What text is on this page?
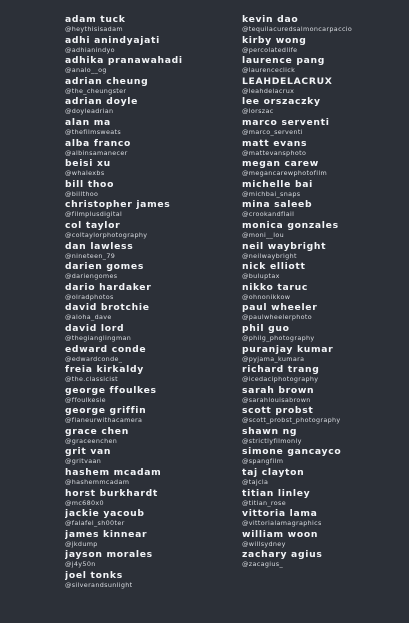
adam tuck
@heythisisadam
adhi anindyajati
@adhianindyo
adhika pranawahadi
@analo__og
adrian cheung
@the_cheungster
adrian doyle
@doyleadrian
alan ma
@thefilmsweats
alba franco
@albinsamanecer
beisi xu
@whalexbs
bill thoo
@billthoo
christopher james
@filmplusdigital
col taylor
@coltaylorphotography
dan lawless
@nineteen_79
darien gomes
@dariengomes
dario hardaker
@olradphotos
david brotchie
@aloha_dave
david lord
@thegianglingman
edward conde
@edwardconde_
freia kirkaldy
@the.classicist
george ffoulkes
@ffoulkesie
george griffin
@flaneurwithacamera
grace chen
@graceenchen
grit van
@gritvaan
hashem mcadam
@hashemmcadam
horst burkhardt
@mc680x0
jackie yacoub
@falafel_sh00ter
james kinnear
@jkdump
jayson morales
@j4y50n
joel tonks
@silverandsunlight
kevin dao
@tequilacuredsalmoncarpaccio
kirby wong
@percolatedlife
laurence pang
@laurenceclick
LEAHDELACRUX
@leahdelacrux
lee orszaczky
@lorszac
marco serventi
@marco_serventi
matt evans
@mattevansphoto
megan carew
@megancarewphotofilm
michelle bai
@michbai_snaps
mina saleeb
@crookandflail
monica gonzales
@moni__lou
neil waybright
@neilwaybright
nick elliott
@buluptax
nikko taruc
@ohnonikkow
paul wheeler
@paulwheelerphoto
phil guo
@philg_photography
puranjay kumar
@pyjama_kumara
richard trang
@icedaciphotography
sarah brown
@sarahlouisabrown
scott probst
@scott_probst_photography
shawn ng
@strictlyfilmonly
simone gancayco
@spangfilm
taj clayton
@tajcla
titian linley
@titian_rose
vittoria lama
@vittorialamagraphics
william woon
@willsydney
zachary agius
@zacagius_
